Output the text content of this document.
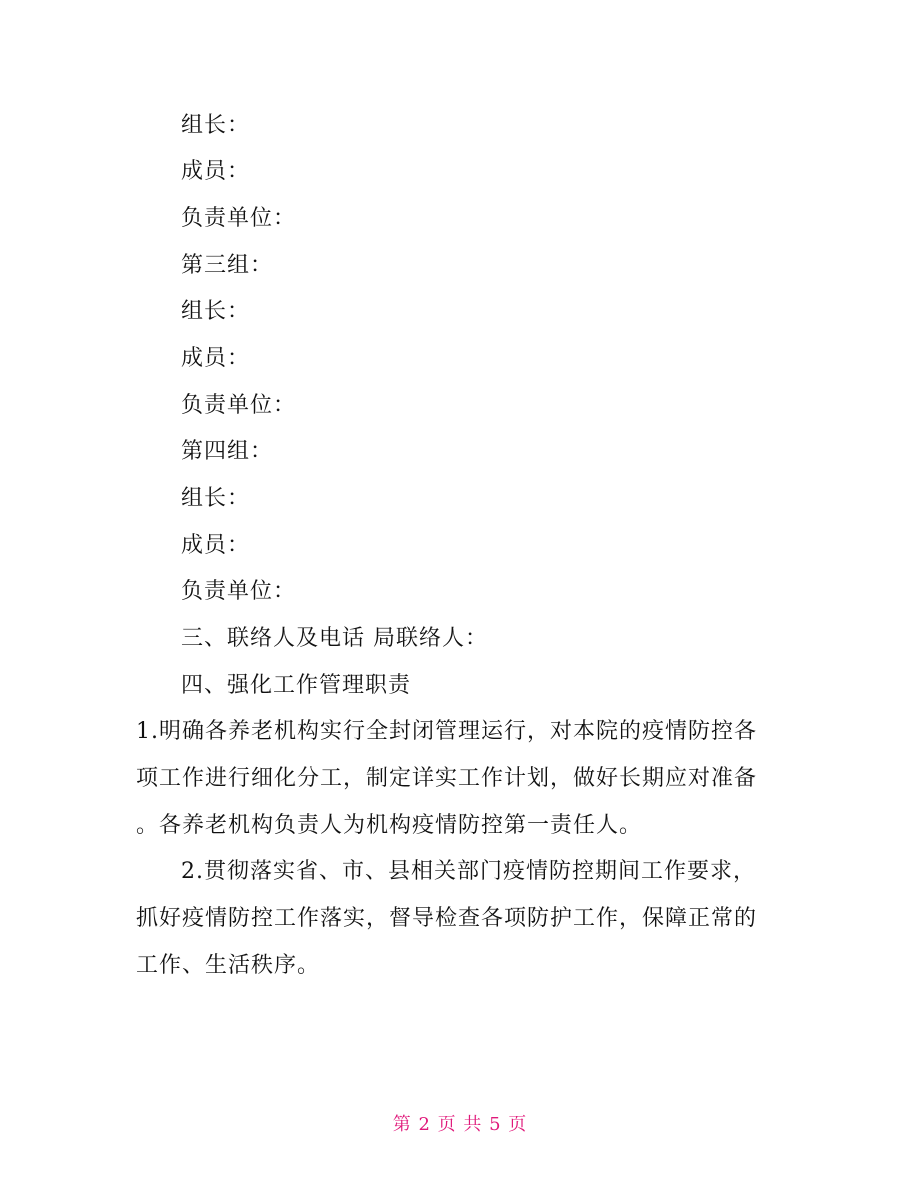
组长：
成员：
负责单位：
第三组：
组长：
成员：
负责单位：
第四组：
组长：
成员：
负责单位：
三、联络人及电话 局联络人：
四、强化工作管理职责
1.明确各养老机构实行全封闭管理运行，对本院的疫情防控各
项工作进行细化分工，制定详实工作计划，做好长期应对准备
。各养老机构负责人为机构疫情防控第一责任人。
2.贯彻落实省、市、县相关部门疫情防控期间工作要求，
抓好疫情防控工作落实，督导检查各项防护工作，保障正常的
工作、生活秩序。
第 2 页 共 5 页
